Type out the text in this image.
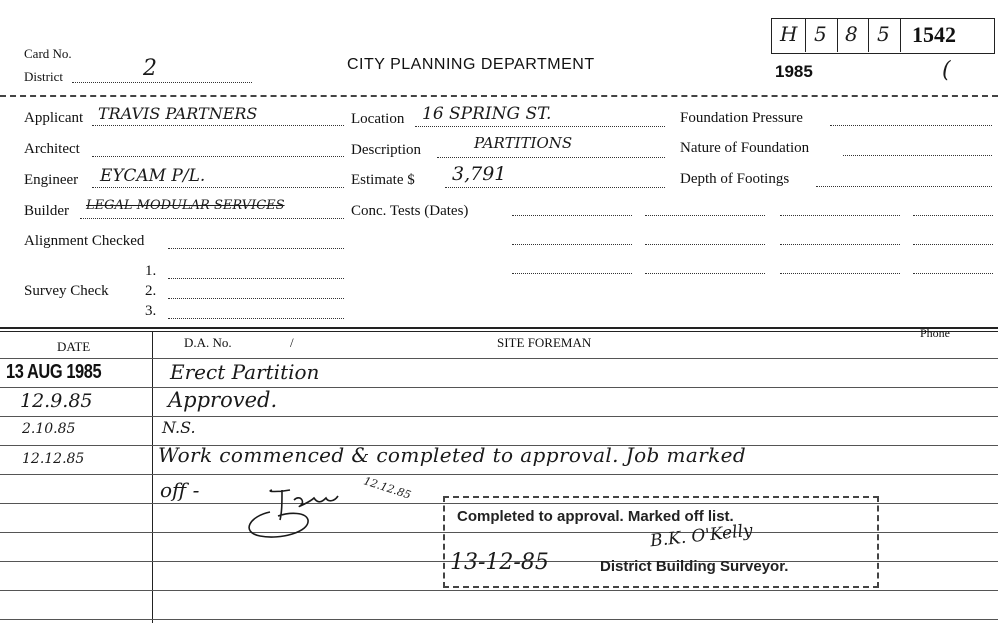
Card No.
District	2	CITY PLANNING DEPARTMENT	1985	(
H 5 8 5 1542
Applicant TRAVIS PARTNERS
Architect
Engineer EYCAM P/L.
Builder LEGAL MODULAR SERVICES
Alignment Checked
Survey Check
1.
2.
3.
Location 16 SPRING ST.
Description	PARTITIONS
Estimate $ 3,791
Conc. Tests (Dates)
Foundation Pressure
Nature of Foundation
Depth of Footings
DATE	D.A. No.	/	SITE FOREMAN
Phone
13 AUG 1985	Erect Partition
12.9.85	Approved.
2.10.85	N.S.
12.12.85	Work commenced & completed to approval. Job marked
off -	12.12.85
Completed to approval. Marked off list.
B.K. O'Kelly
13-12-85	District Building Surveyor.
